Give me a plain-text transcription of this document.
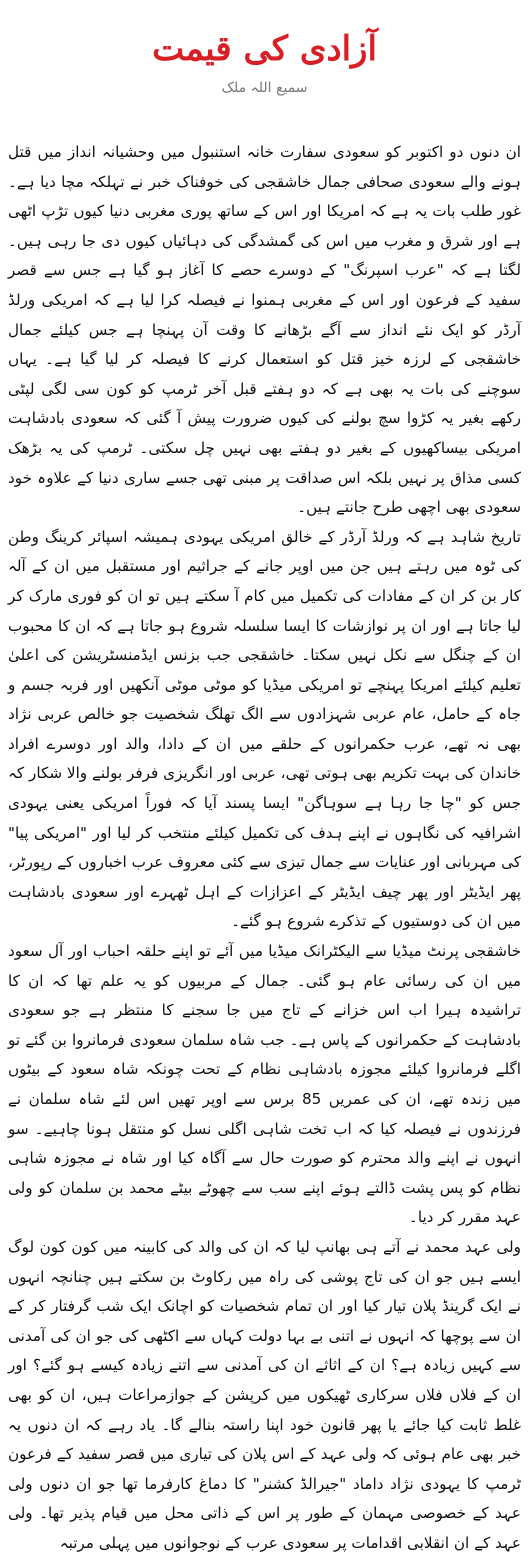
آزادی کی قیمت
سمیع اللہ ملک

ان دنوں دو اکتوبر کو سعودی سفارت خانہ استنبول میں وحشیانہ انداز میں قتل ہونے والے سعودی صحافی جمال خاشقجی کی خوفناک خبر نے تہلکہ مچا دیا ہے۔ غور طلب بات یہ ہے کہ امریکا اور اس کے ساتھ پوری مغربی دنیا کیوں تڑپ اٹھی ہے اور شرق و مغرب میں اس کی گمشدگی کی دہائیاں کیوں دی جا رہی ہیں۔ لگتا ہے کہ "عرب اسپرنگ" کے دوسرے حصے کا آغاز ہو گیا ہے جس سے قصر سفید کے فرعون اور اس کے مغربی ہمنوا نے فیصلہ کرا لیا ہے کہ امریکی ورلڈ آرڈر کو ایک نئے انداز سے آگے بڑھانے کا وقت آن پہنچا ہے جس کیلئے جمال خاشقجی کے لرزہ خیز قتل کو استعمال کرنے کا فیصلہ کر لیا گیا ہے۔ یہاں سوچنے کی بات یہ بھی ہے کہ دو ہفتے قبل آخر ٹرمپ کو کون سی لگی لپٹی رکھے بغیر یہ کڑوا سچ بولنے کی کیوں ضرورت پیش آ گئی کہ سعودی بادشاہت امریکی بیساکھیوں کے بغیر دو ہفتے بھی نہیں چل سکتی۔ ٹرمپ کی یہ بڑھک کسی مذاق پر نہیں بلکہ اس صداقت پر مبنی تھی جسے ساری دنیا کے علاوہ خود سعودی بھی اچھی طرح جانتے ہیں۔

تاریخ شاہد ہے کہ ورلڈ آرڈر کے خالق امریکی یہودی ہمیشہ اسپائر کرینگ وطن کی ٹوہ میں رہتے ہیں جن میں اوپر جانے کے جراثیم اور مستقبل میں ان کے آلہ کار بن کر ان کے مفادات کی تکمیل میں کام آ سکتے ہیں تو ان کو فوری مارک کر لیا جاتا ہے اور ان پر نوازشات کا ایسا سلسلہ شروع ہو جاتا ہے کہ ان کا محبوب ان کے چنگل سے نکل نہیں سکتا۔ خاشقجی جب بزنس ایڈمنسٹریشن کی اعلیٰ تعلیم کیلئے امریکا پہنچے تو امریکی میڈیا کو موٹی موٹی آنکھیں اور فربہ جسم و جاہ کے حامل، عام عربی شہزادوں سے الگ تھلگ شخصیت جو خالص عربی نژاد بھی نہ تھے، عرب حکمرانوں کے حلقے میں ان کے دادا، والد اور دوسرے افراد خاندان کی بہت تکریم بھی ہوتی تھی، عربی اور انگریزی فرفر بولنے والا شکار کہ جس کو "چا جا رہا ہے سوہاگن" ایسا پسند آیا کہ فوراً امریکی یعنی یہودی اشرافیہ کی نگاہوں نے اپنے ہدف کی تکمیل کیلئے منتخب کر لیا اور "امریکی پیا" کی مہربانی اور عنایات سے جمال تیزی سے کئی معروف عرب اخباروں کے رپورٹر، پھر ایڈیٹر اور پھر چیف ایڈیٹر کے اعزازات کے اہل ٹھہرے اور سعودی بادشاہت میں ان کی دوستیوں کے تذکرے شروع ہو گئے۔

خاشقجی پرنٹ میڈیا سے الیکٹرانک میڈیا میں آئے تو اپنے حلقہ احباب اور آل سعود میں ان کی رسائی عام ہو گئی۔ جمال کے مربیوں کو یہ علم تھا کہ ان کا تراشیدہ ہیرا اب اس خزانے کے تاج میں جا سجنے کا منتظر ہے جو سعودی بادشاہت کے حکمرانوں کے پاس ہے۔ جب شاہ سلمان سعودی فرمانروا بن گئے تو اگلے فرمانروا کیلئے مجوزہ بادشاہی نظام کے تحت چونکہ شاہ سعود کے بیٹوں میں زندہ تھے، ان کی عمریں 85 برس سے اوپر تھیں اس لئے شاہ سلمان نے فرزندوں نے فیصلہ کیا کہ اب تخت شاہی اگلی نسل کو منتقل ہونا چاہیے۔ سو انہوں نے اپنے والد محترم کو صورت حال سے آگاہ کیا اور شاہ نے مجوزہ شاہی نظام کو پس پشت ڈالتے ہوئے اپنے سب سے چھوٹے بیٹے محمد بن سلمان کو ولی عہد مقرر کر دیا۔

ولی عہد محمد نے آتے ہی بھانپ لیا کہ ان کی والد کی کابینہ میں کون کون لوگ ایسے ہیں جو ان کی تاج پوشی کی راہ میں رکاوٹ بن سکتے ہیں چنانچہ انہوں نے ایک گرینڈ پلان تیار کیا اور ان تمام شخصیات کو اچانک ایک شب گرفتار کر کے ان سے پوچھا کہ انہوں نے اتنی بے بہا دولت کہاں سے اکٹھی کی جو ان کی آمدنی سے کہیں زیادہ ہے؟ ان کے اثاثے ان کی آمدنی سے اتنے زیادہ کیسے ہو گئے؟ اور ان کے فلاں فلاں سرکاری ٹھیکوں میں کرپشن کے جوازمراعات ہیں، ان کو بھی غلط ثابت کیا جائے یا پھر قانون خود اپنا راستہ بنالے گا۔ یاد رہے کہ ان دنوں یہ خبر بھی عام ہوئی کہ ولی عہد کے اس پلان کی تیاری میں قصر سفید کے فرعون ٹرمپ کا یہودی نژاد داماد "جیرالڈ کشنر" کا دماغ کارفرما تھا جو ان دنوں ولی عہد کے خصوصی مہمان کے طور پر اس کے ذاتی محل میں قیام پذیر تھا۔ ولی عہد کے ان انقلابی اقدامات پر سعودی عرب کے نوجوانوں میں پہلی مرتبہ
